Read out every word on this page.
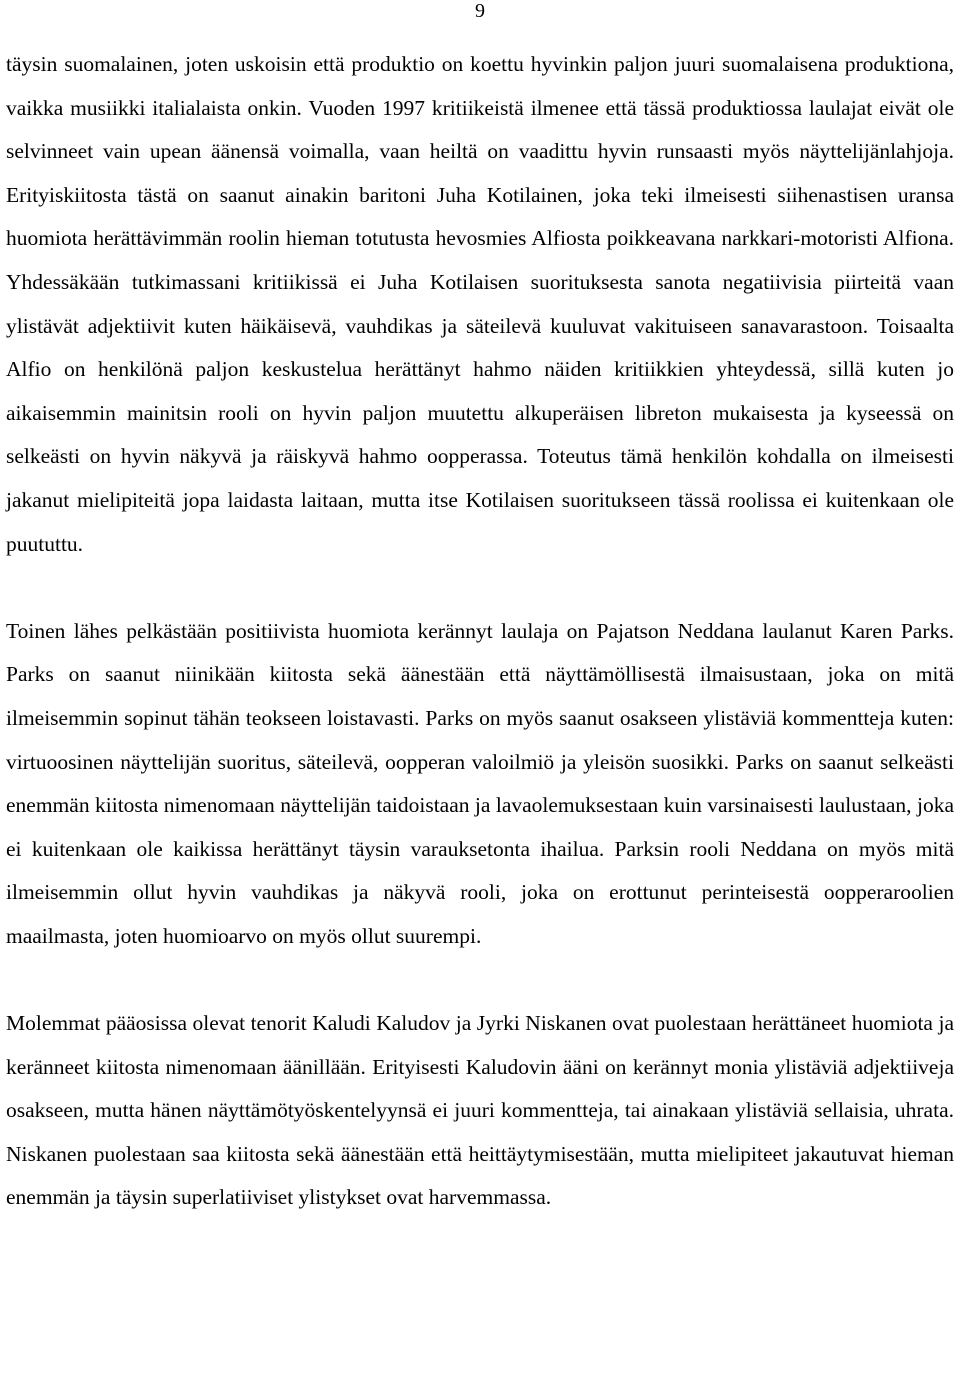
9

täysin suomalainen, joten uskoisin että produktio on koettu hyvinkin paljon juuri suomalaisena produktiona, vaikka musiikki italialaista onkin. Vuoden 1997 kritiikeistä ilmenee että tässä produktiossa laulajat eivät ole selvinneet vain upean äänensä voimalla, vaan heiltä on vaadittu hyvin runsaasti myös näyttelijänlahjoja. Erityiskiitosta tästä on saanut ainakin baritoni Juha Kotilainen, joka teki ilmeisesti siihenastisen uransa huomiota herättävimmän roolin hieman totutusta hevosmies Alfiosta poikkeavana narkkari-motoristi Alfiona. Yhdessäkään tutkimassani kritiikissä ei Juha Kotilaisen suorituksesta sanota negatiivisia piirteitä vaan ylistävät adjektiivit kuten häikäisevä, vauhdikas ja säteilevä kuuluvat vakituiseen sanavarastoon. Toisaalta Alfio on henkilönä paljon keskustelua herättänyt hahmo näiden kritiikkien yhteydessä, sillä kuten jo aikaisemmin mainitsin rooli on hyvin paljon muutettu alkuperäisen libreton mukaisesta ja kyseessä on selkeästi on hyvin näkyvä ja räiskyvä hahmo oopperassa. Toteutus tämä henkilön kohdalla on ilmeisesti jakanut mielipiteitä jopa laidasta laitaan, mutta itse Kotilaisen suoritukseen tässä roolissa ei kuitenkaan ole puututtu.

Toinen lähes pelkästään positiivista huomiota kerännyt laulaja on Pajatson Neddana laulanut Karen Parks. Parks on saanut niinikään kiitosta sekä äänestään että näyttämöllisestä ilmaisustaan, joka on mitä ilmeisemmin sopinut tähän teokseen loistavasti. Parks on myös saanut osakseen ylistäviä kommentteja kuten: virtuoosinen näyttelijän suoritus, säteilevä, oopperan valoilmiö ja yleisön suosikki. Parks on saanut selkeästi enemmän kiitosta nimenomaan näyttelijän taidoistaan ja lavaolemuksestaan kuin varsinaisesti laulustaan, joka ei kuitenkaan ole kaikissa herättänyt täysin varauksetonta ihailua. Parksin rooli Neddana on myös mitä ilmeisemmin ollut hyvin vauhdikas ja näkyvä rooli, joka on erottunut perinteisestä oopperaroolien maailmasta, joten huomioarvo on myös ollut suurempi.

Molemmat pääosissa olevat tenorit Kaludi Kaludov ja Jyrki Niskanen ovat puolestaan herättäneet huomiota ja keränneet kiitosta nimenomaan äänillään. Erityisesti Kaludovin ääni on kerännyt monia ylistäviä adjektiiveja osakseen, mutta hänen näyttämötyöskentelyynsä ei juuri kommentteja, tai ainakaan ylistäviä sellaisia, uhrata. Niskanen puolestaan saa kiitosta sekä äänestään että heittäytymisestään, mutta mielipiteet jakautuvat hieman enemmän ja täysin superlatiiviset ylistykset ovat harvemmassa.
